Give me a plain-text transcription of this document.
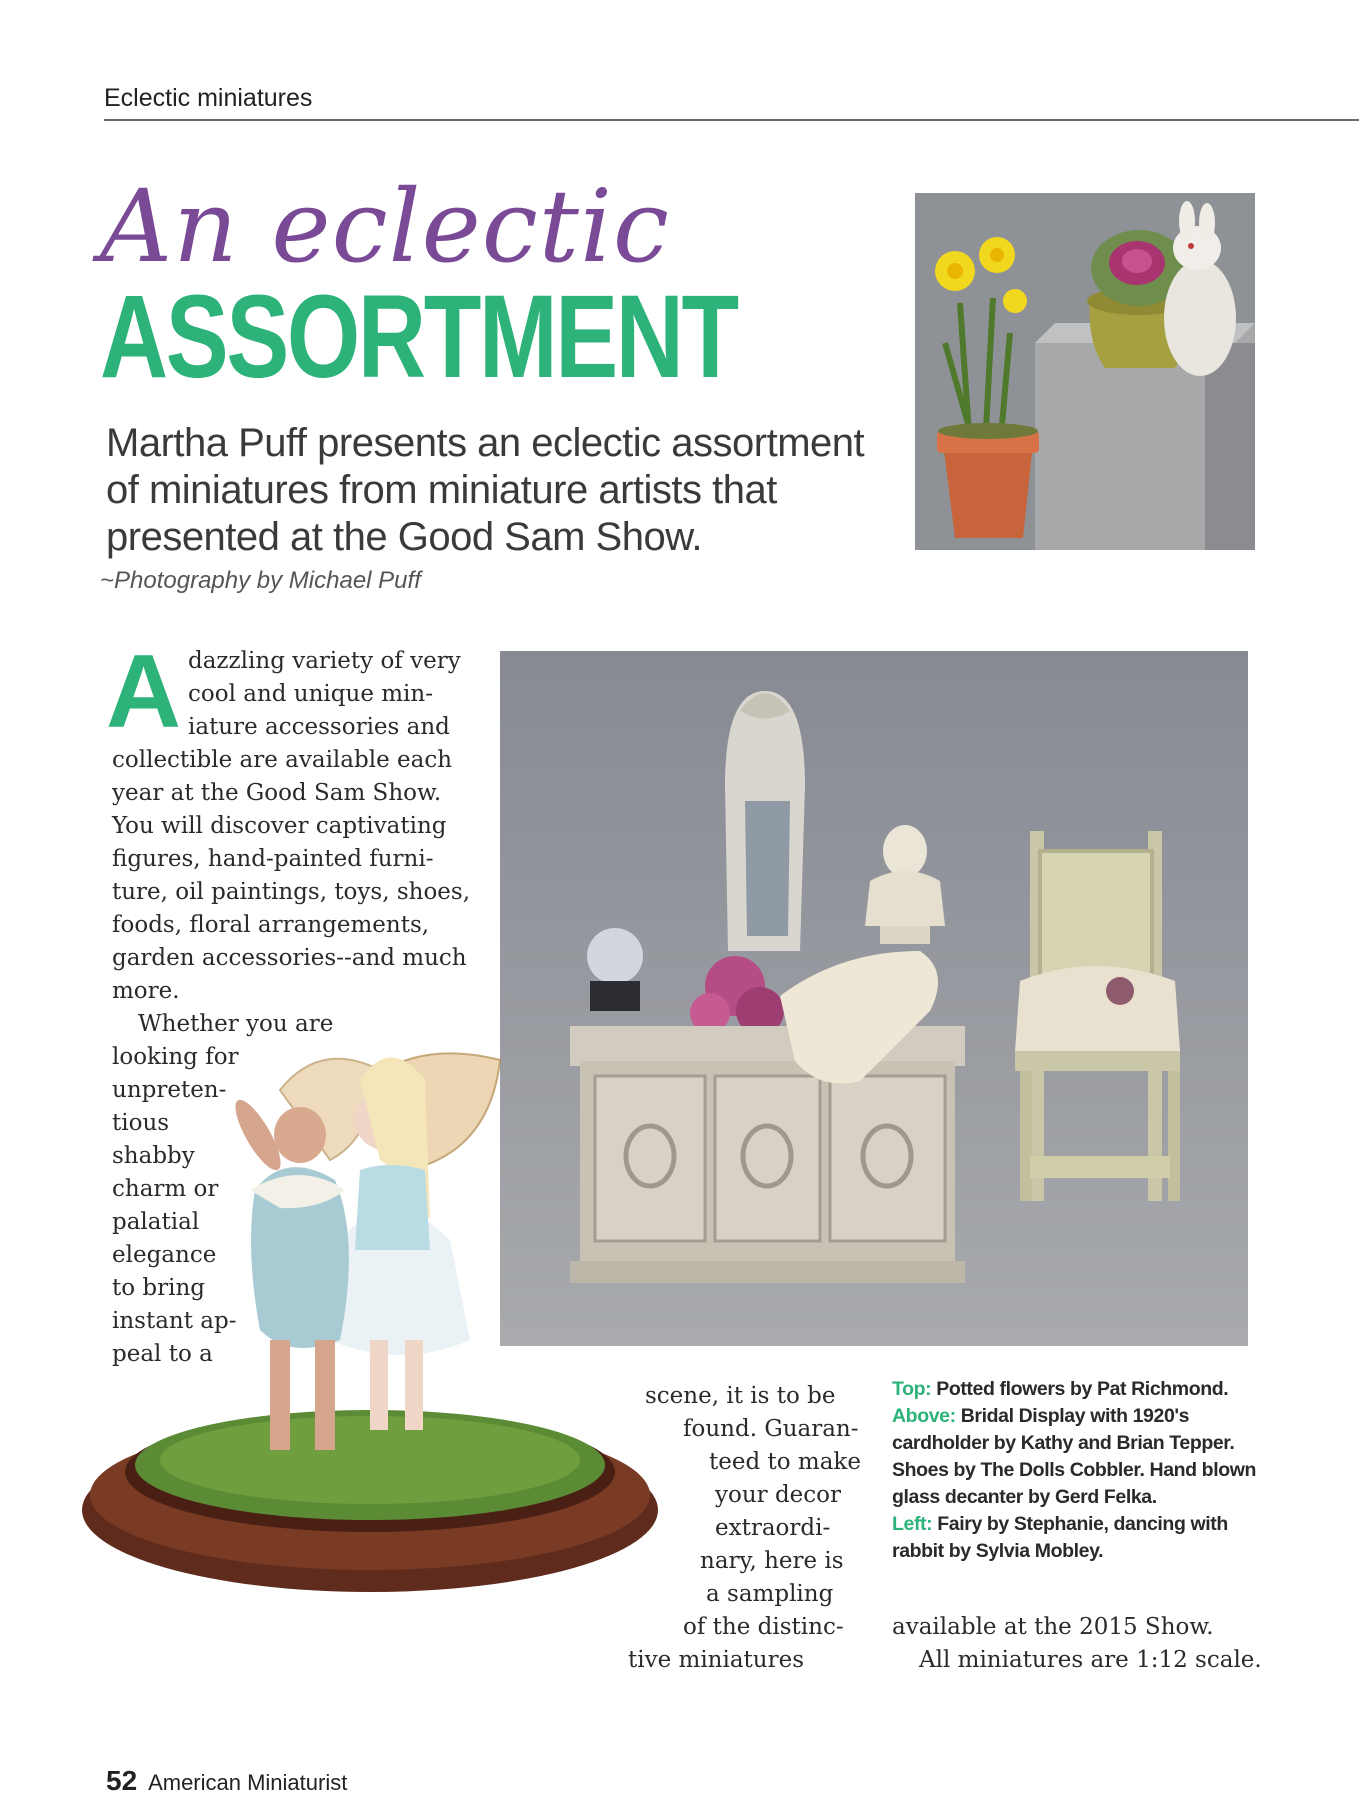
Eclectic miniatures
An eclectic
ASSORTMENT
Martha Puff presents an eclectic assortment of miniatures from miniature artists that presented at the Good Sam Show.
~Photography by Michael Puff
A dazzling variety of very
cool and unique min-
iature accessories and
collectible are available each
year at the Good Sam Show.
You will discover captivating
figures, hand-painted furni-
ture, oil paintings, toys, shoes,
foods, floral arrangements,
garden accessories--and much
more.
Whether you are
looking for
unpreten-
tious
shabby
charm or
palatial
elegance
to bring
instant ap-
peal to a
scene, it is to be
found. Guaran-
teed to make
your decor
extraordi-
nary, here is
a sampling
of the distinc-
tive miniatures
available at the 2015 Show.
All miniatures are 1:12 scale.
Top: Potted flowers by Pat Richmond.
Above: Bridal Display with 1920's cardholder by Kathy and Brian Tepper. Shoes by The Dolls Cobbler. Hand blown glass decanter by Gerd Felka.
Left: Fairy by Stephanie, dancing with rabbit by Sylvia Mobley.
52 American Miniaturist
